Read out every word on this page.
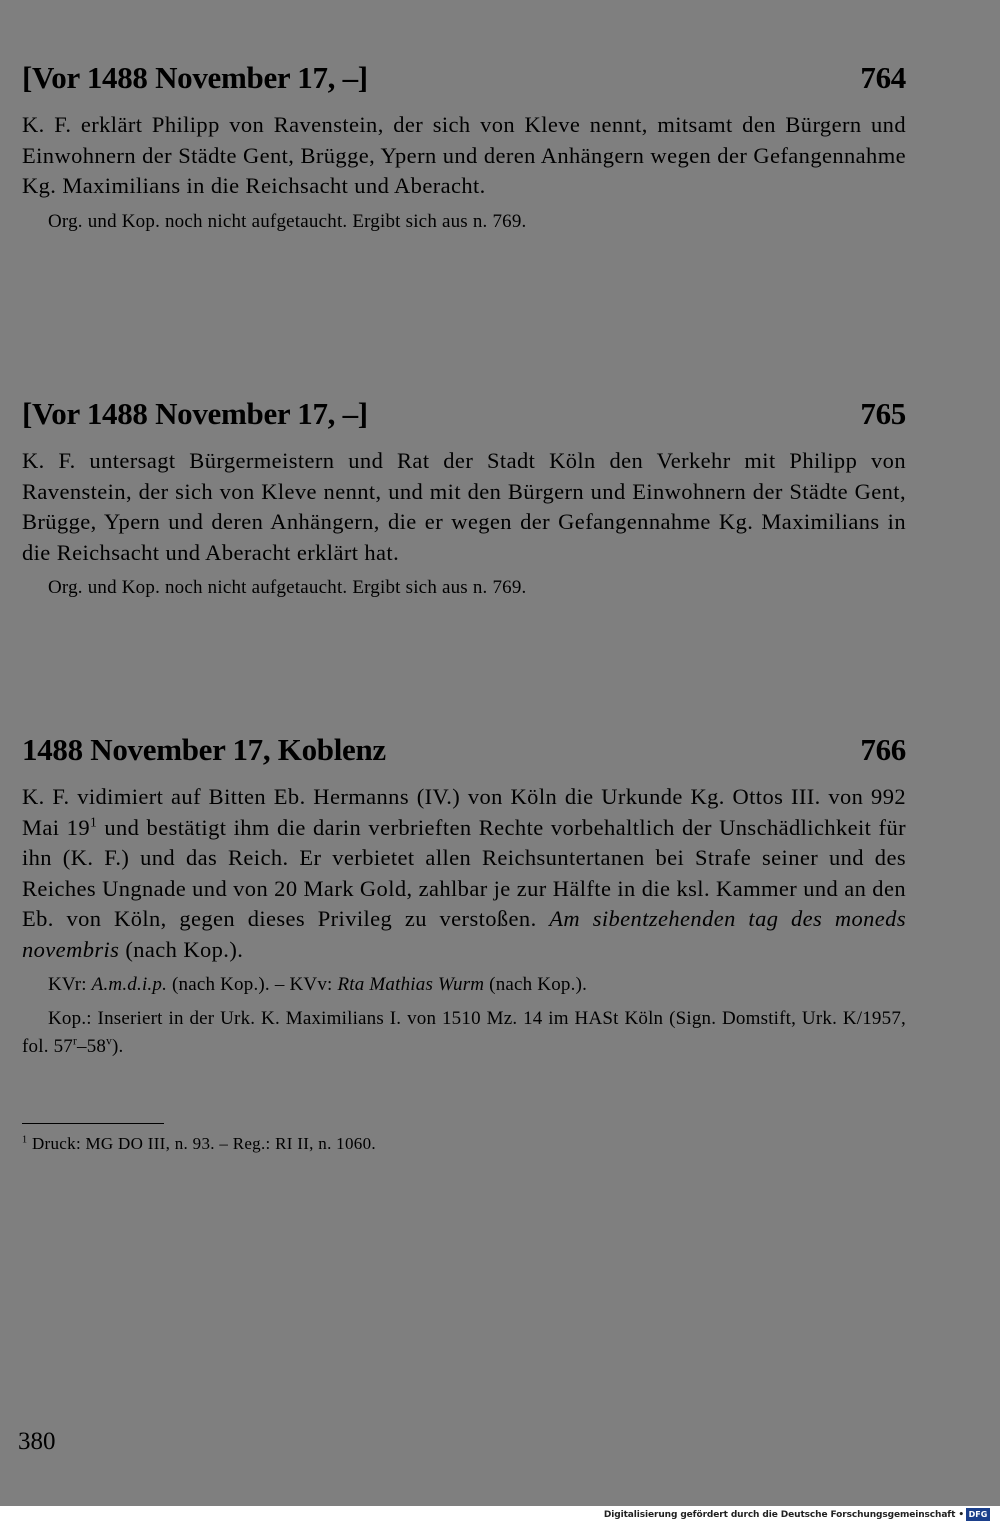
[Vor 1488 November 17, –]	764
K. F. erklärt Philipp von Ravenstein, der sich von Kleve nennt, mitsamt den Bürgern und Einwohnern der Städte Gent, Brügge, Ypern und deren Anhängern wegen der Gefangennahme Kg. Maximilians in die Reichsacht und Aberacht.
Org. und Kop. noch nicht aufgetaucht. Ergibt sich aus n. 769.
[Vor 1488 November 17, –]	765
K. F. untersagt Bürgermeistern und Rat der Stadt Köln den Verkehr mit Philipp von Ravenstein, der sich von Kleve nennt, und mit den Bürgern und Einwohnern der Städte Gent, Brügge, Ypern und deren Anhängern, die er wegen der Gefangennahme Kg. Maximilians in die Reichsacht und Aberacht erklärt hat.
Org. und Kop. noch nicht aufgetaucht. Ergibt sich aus n. 769.
1488 November 17, Koblenz	766
K. F. vidimiert auf Bitten Eb. Hermanns (IV.) von Köln die Urkunde Kg. Ottos III. von 992 Mai $19^1$ und bestätigt ihm die darin verbrieften Rechte vorbehaltlich der Unschädlichkeit für ihn (K. F.) und das Reich. Er verbietet allen Reichsuntertanen bei Strafe seiner und des Reiches Ungnade und von 20 Mark Gold, zahlbar je zur Hälfte in die ksl. Kammer und an den Eb. von Köln, gegen dieses Privileg zu verstoßen. Am sibentzehenden tag des moneds novembris (nach Kop.).
KVr: A.m.d.i.p. (nach Kop.). – KVv: Rta Mathias Wurm (nach Kop.).
Kop.: Inseriert in der Urk. K. Maximilians I. von 1510 Mz. 14 im HASt Köln (Sign. Domstift, Urk. K/1957, fol. 57$^r$–58$^v$).
$^1$ Druck: MG DO III, n. 93. – Reg.: RI II, n. 1060.
380
Digitalisierung gefördert durch die Deutsche Forschungsgemeinschaft • DFG
